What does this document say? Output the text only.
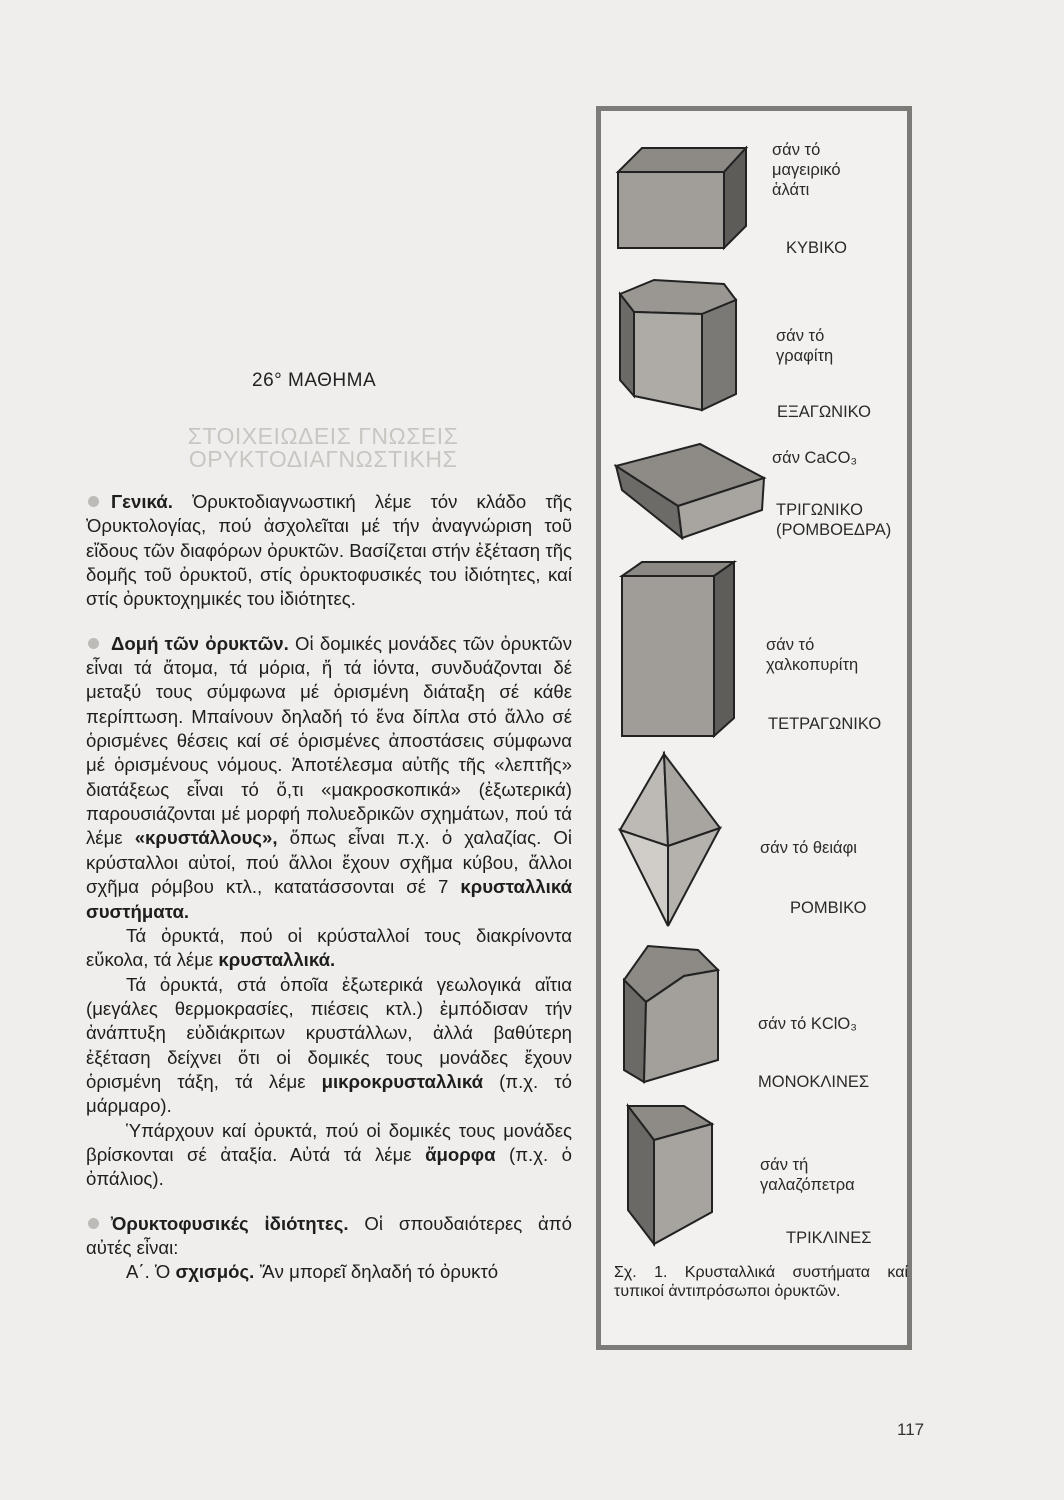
26° ΜΑΘΗΜΑ
ΣΤΟΙΧΕΙΩΔΕΙΣ ΓΝΩΣΕΙΣ
ΟΡΥΚΤΟΔΙΑΓΝΩΣΤΙΚΗΣ

Γενικά. Ὀρυκτοδιαγνωστική λέμε τόν κλάδο τῆς Ὀρυκτολογίας, πού ἀσχολεῖται μέ τήν ἀναγνώριση τοῦ εἴδους τῶν διαφόρων ὀρυκτῶν. Βασίζεται στήν ἐξέταση τῆς δομῆς τοῦ ὀρυκτοῦ, στίς ὀρυκτοφυσικές του ἰδιότητες, καί στίς ὀρυκτοχημικές του ἰδιότητες.

Δομή τῶν ὀρυκτῶν. Οἱ δομικές μονάδες τῶν ὀρυκτῶν εἶναι τά ἄτομα, τά μόρια, ἤ τά ἰόντα, συνδυάζονται δέ μεταξύ τους σύμφωνα μέ ὁρισμένη διάταξη σέ κάθε περίπτωση. Μπαίνουν δηλαδή τό ἕνα δίπλα στό ἄλλο σέ ὁρισμένες θέσεις καί σέ ὁρισμένες ἀποστάσεις σύμφωνα μέ ὁρισμένους νόμους. Ἀποτέλεσμα αὐτῆς τῆς «λεπτῆς» διατάξεως εἶναι τό ὅ,τι «μακροσκοπικά» (ἐξωτερικά) παρουσιάζονται μέ μορφή πολυεδρικῶν σχημάτων, πού τά λέμε «κρυστάλλους», ὅπως εἶναι π.χ. ὁ χαλαζίας. Οἱ κρύσταλλοι αὐτοί, πού ἄλλοι ἔχουν σχῆμα κύβου, ἄλλοι σχῆμα ρόμβου κτλ., κατατάσσονται σέ 7 κρυσταλλικά συστήματα.

Τά ὀρυκτά, πού οἱ κρύσταλλοί τους διακρίνοντα εὔκολα, τά λέμε κρυσταλλικά.

Τά ὀρυκτά, στά ὁποῖα ἐξωτερικά γεωλογικά αἴτια (μεγάλες θερμοκρασίες, πιέσεις κτλ.) ἐμπόδισαν τήν ἀνάπτυξη εὐδιάκριτων κρυστάλλων, ἀλλά βαθύτερη ἐξέταση δείχνει ὅτι οἱ δομικές τους μονάδες ἔχουν ὁρισμένη τάξη, τά λέμε μικροκρυσταλλικά (π.χ. τό μάρμαρο).

Ὑπάρχουν καί ὀρυκτά, πού οἱ δομικές τους μονάδες βρίσκονται σέ ἀταξία. Αὐτά τά λέμε ἄμορφα (π.χ. ὁ ὀπάλιος).

Ὀρυκτοφυσικές ἰδιότητες. Οἱ σπουδαιότερες ἀπό αὐτές εἶναι:

Α΄. Ὁ σχισμός. Ἄν μπορεῖ δηλαδή τό ὀρυκτό

σάν τό
μαγειρικό
ἁλάτι
ΚΥΒΙΚΟ
σάν τό
γραφίτη
ΕΞΑΓΩΝΙΚΟ
σάν CaCO₃
ΤΡΙΓΩΝΙΚΟ
(ΡΟΜΒΟΕΔΡΑ)
σάν τό
χαλκοπυρίτη
ΤΕΤΡΑΓΩΝΙΚΟ
σάν τό θειάφι
ΡΟΜΒΙΚΟ
σάν τό KClO₃
ΜΟΝΟΚΛΙΝΕΣ
σάν τή
γαλαζόπετρα
ΤΡΙΚΛΙΝΕΣ
Σχ. 1. Κρυσταλλικά συστήματα καί τυπικοί ἀντιπρόσωποι ὀρυκτῶν.
117
